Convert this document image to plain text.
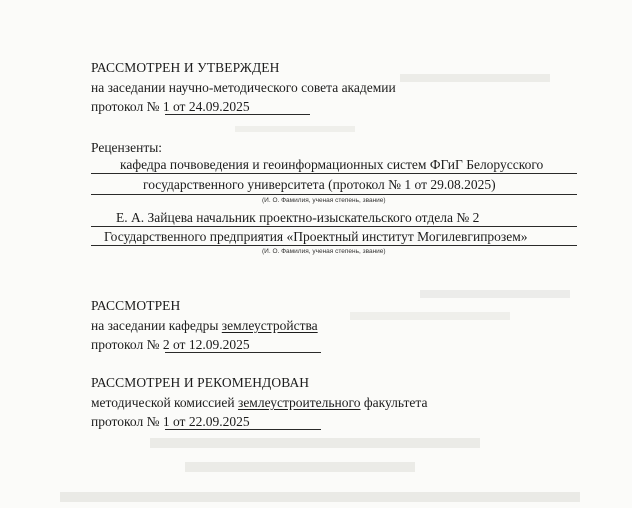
РАССМОТРЕН И УТВЕРЖДЕН
на заседании научно-методического совета академии
протокол № 1 от 24.09.2025
Рецензенты:
кафедра почвоведения и геоинформационных систем ФГиГ Белорусского
государственного университета (протокол № 1 от 29.08.2025)
(И. О. Фамилия, ученая степень, звание)
Е. А. Зайцева начальник проектно-изыскательского отдела № 2
Государственного предприятия «Проектный институт Могилевгипрозем»
(И. О. Фамилия, ученая степень, звание)
РАССМОТРЕН
на заседании кафедры землеустройства
протокол № 2 от 12.09.2025
РАССМОТРЕН И РЕКОМЕНДОВАН
методической комиссией землеустроительного факультета
протокол № 1 от 22.09.2025
